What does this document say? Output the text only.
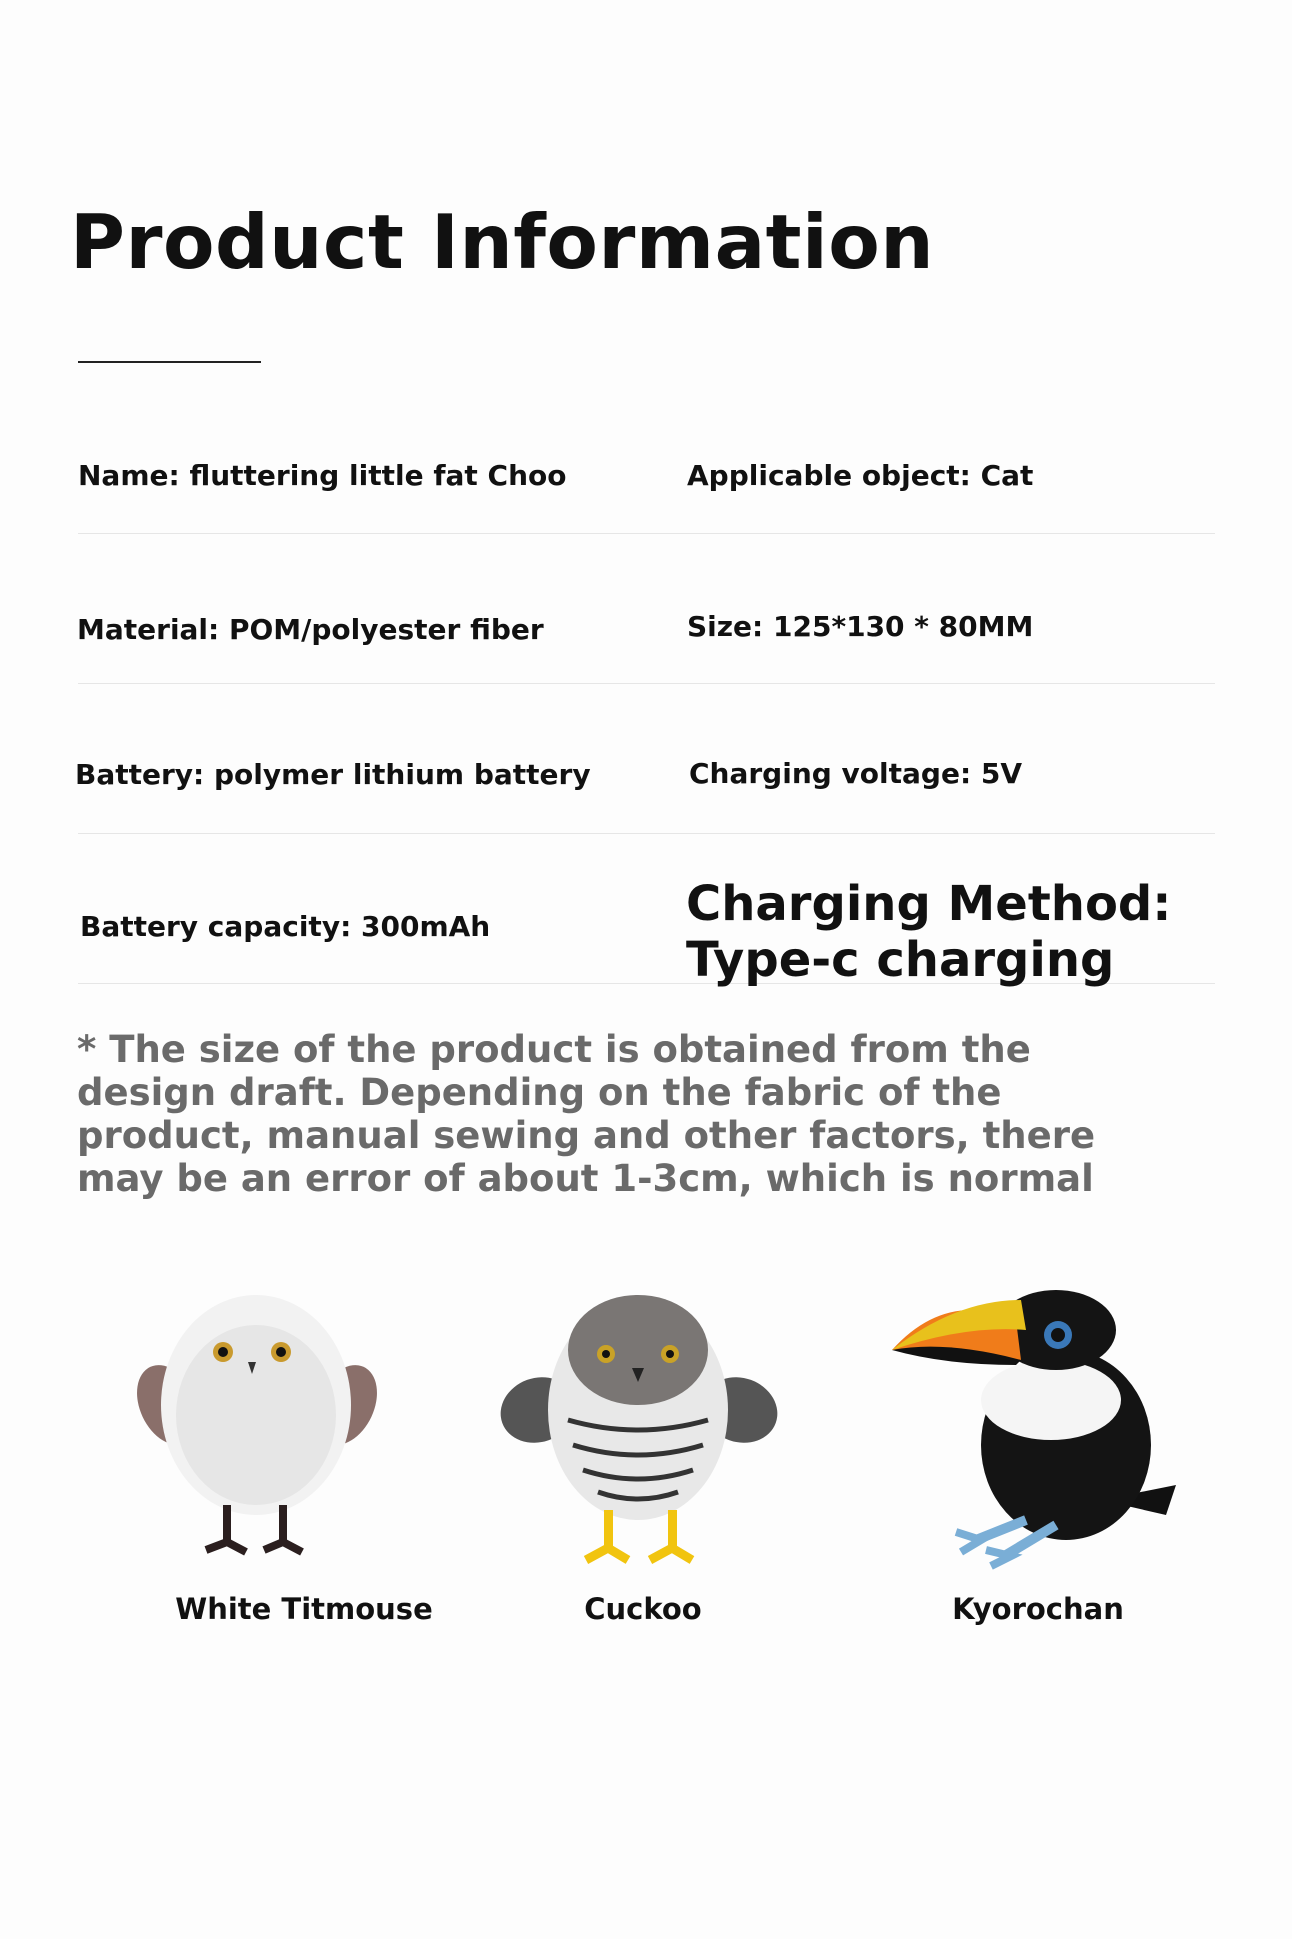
Product Information
Name: fluttering little fat Choo	Applicable object: Cat
Material: POM/polyester fiber	Size: 125*130 * 80MM
Battery: polymer lithium battery	Charging voltage: 5V
Battery capacity: 300mAh	Charging Method:
Type-c charging
* The size of the product is obtained from the design draft. Depending on the fabric of the product, manual sewing and other factors, there may be an error of about 1-3cm, which is normal
White Titmouse	Cuckoo	Kyorochan
